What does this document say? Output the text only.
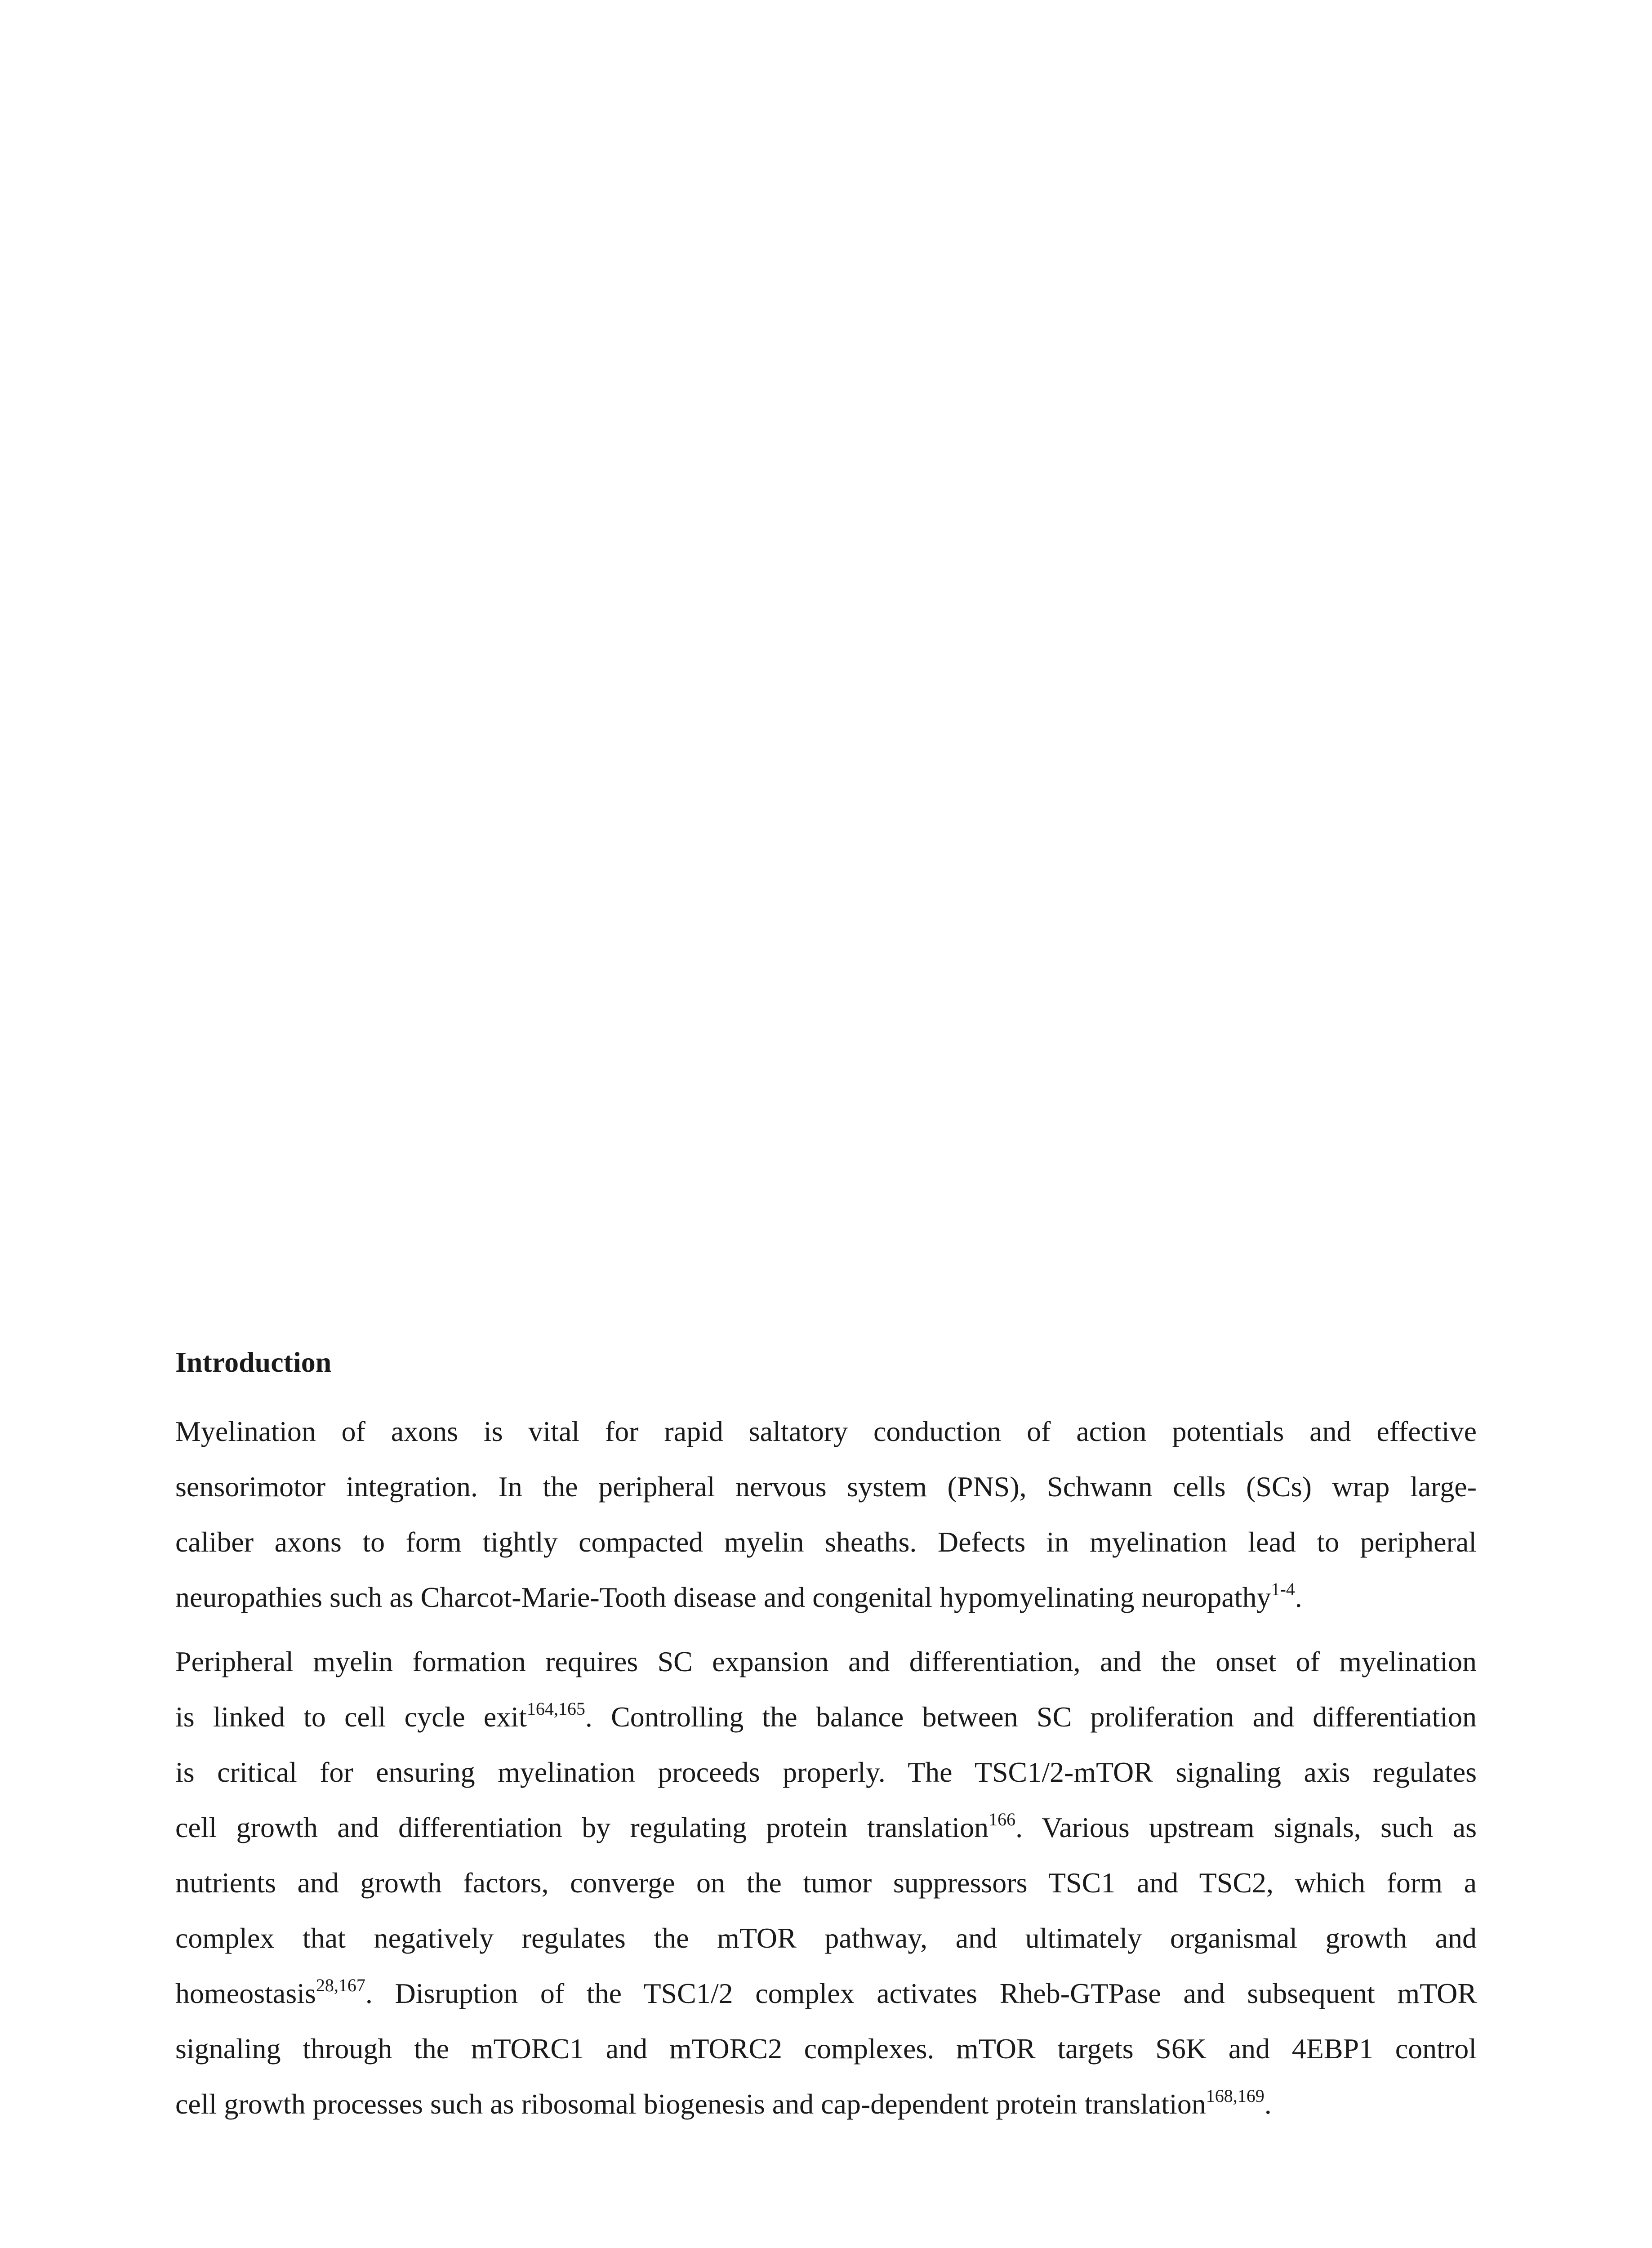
Introduction
Myelination of axons is vital for rapid saltatory conduction of action potentials and effective
sensorimotor integration. In the peripheral nervous system (PNS), Schwann cells (SCs) wrap large-
caliber axons to form tightly compacted myelin sheaths. Defects in myelination lead to peripheral
neuropathies such as Charcot-Marie-Tooth disease and congenital hypomyelinating neuropathy$^{1-4}$.
Peripheral myelin formation requires SC expansion and differentiation, and the onset of myelination
is linked to cell cycle exit$^{164,165}$. Controlling the balance between SC proliferation and differentiation
is critical for ensuring myelination proceeds properly. The TSC1/2-mTOR signaling axis regulates
cell growth and differentiation by regulating protein translation$^{166}$. Various upstream signals, such as
nutrients and growth factors, converge on the tumor suppressors TSC1 and TSC2, which form a
complex that negatively regulates the mTOR pathway, and ultimately organismal growth and
homeostasis$^{28,167}$. Disruption of the TSC1/2 complex activates Rheb-GTPase and subsequent mTOR
signaling through the mTORC1 and mTORC2 complexes. mTOR targets S6K and 4EBP1 control
cell growth processes such as ribosomal biogenesis and cap-dependent protein translation$^{168,169}$.
